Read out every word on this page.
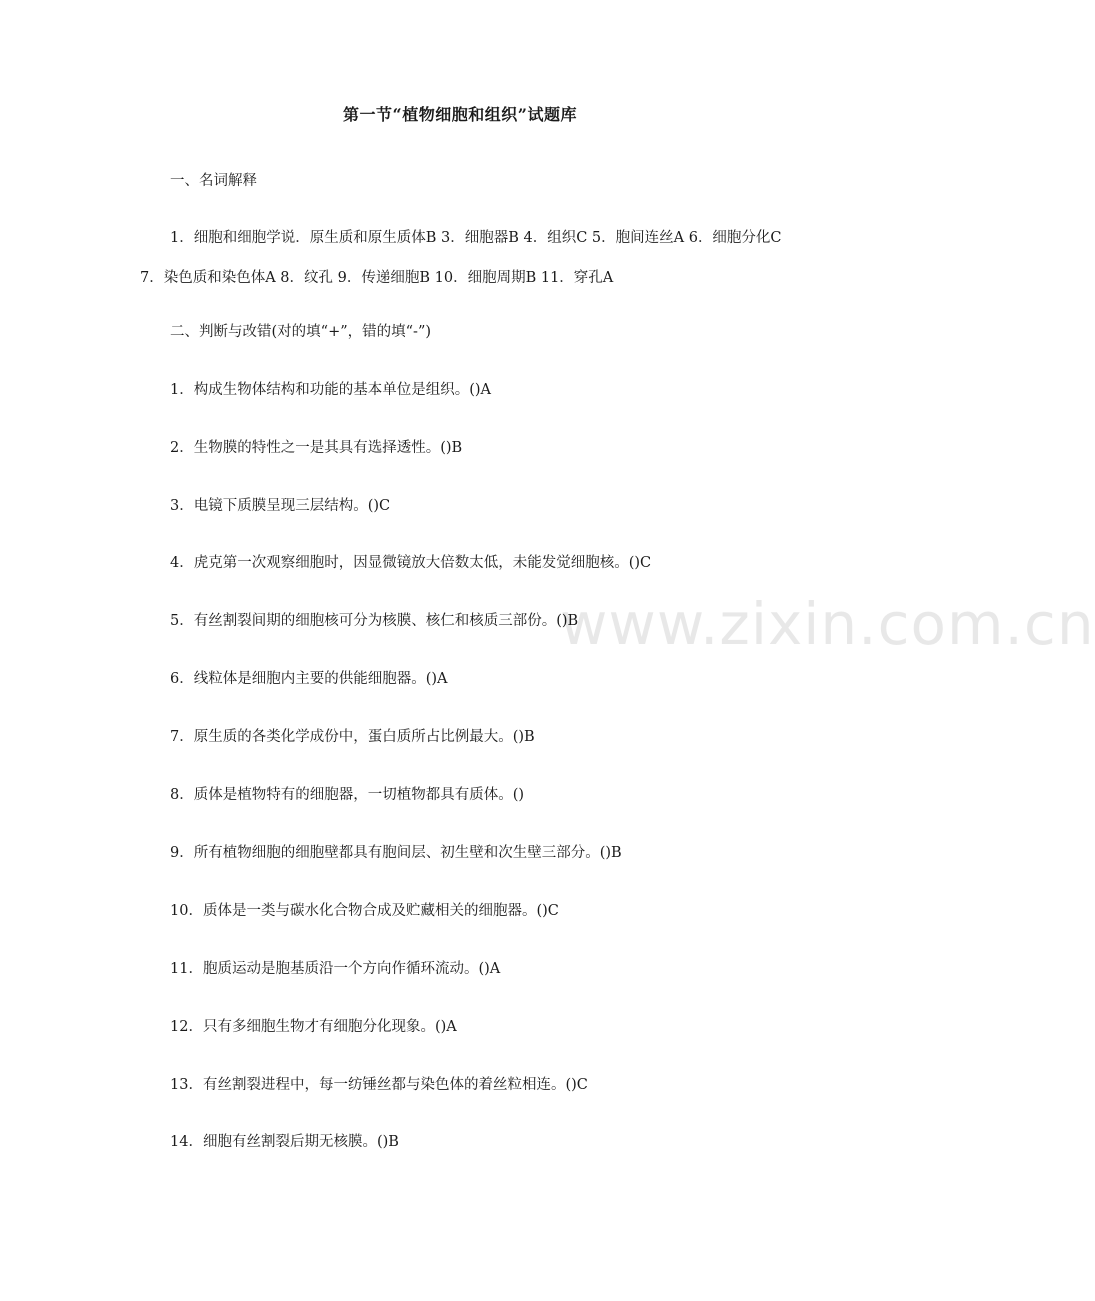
第一节“植物细胞和组织”试题库
一、名词解释
1．细胞和细胞学说．原生质和原生质体B 3．细胞器B 4．组织C 5．胞间连丝A 6．细胞分化C 7．染色质和染色体A 8．纹孔 9．传递细胞B 10．细胞周期B 11．穿孔A
二、判断与改错(对的填“+”，错的填“-”)
1．构成生物体结构和功能的基本单位是组织。()A
2．生物膜的特性之一是其具有选择透性。()B
3．电镜下质膜呈现三层结构。()C
4．虎克第一次观察细胞时，因显微镜放大倍数太低，未能发觉细胞核。()C
5．有丝割裂间期的细胞核可分为核膜、核仁和核质三部份。()B
6．线粒体是细胞内主要的供能细胞器。()A
7．原生质的各类化学成份中，蛋白质所占比例最大。()B
8．质体是植物特有的细胞器，一切植物都具有质体。()
9．所有植物细胞的细胞壁都具有胞间层、初生壁和次生壁三部分。()B
10．质体是一类与碳水化合物合成及贮藏相关的细胞器。()C
11．胞质运动是胞基质沿一个方向作循环流动。()A
12．只有多细胞生物才有细胞分化现象。()A
13．有丝割裂进程中，每一纺锤丝都与染色体的着丝粒相连。()C
14．细胞有丝割裂后期无核膜。()B
www.zixin.com.cn
